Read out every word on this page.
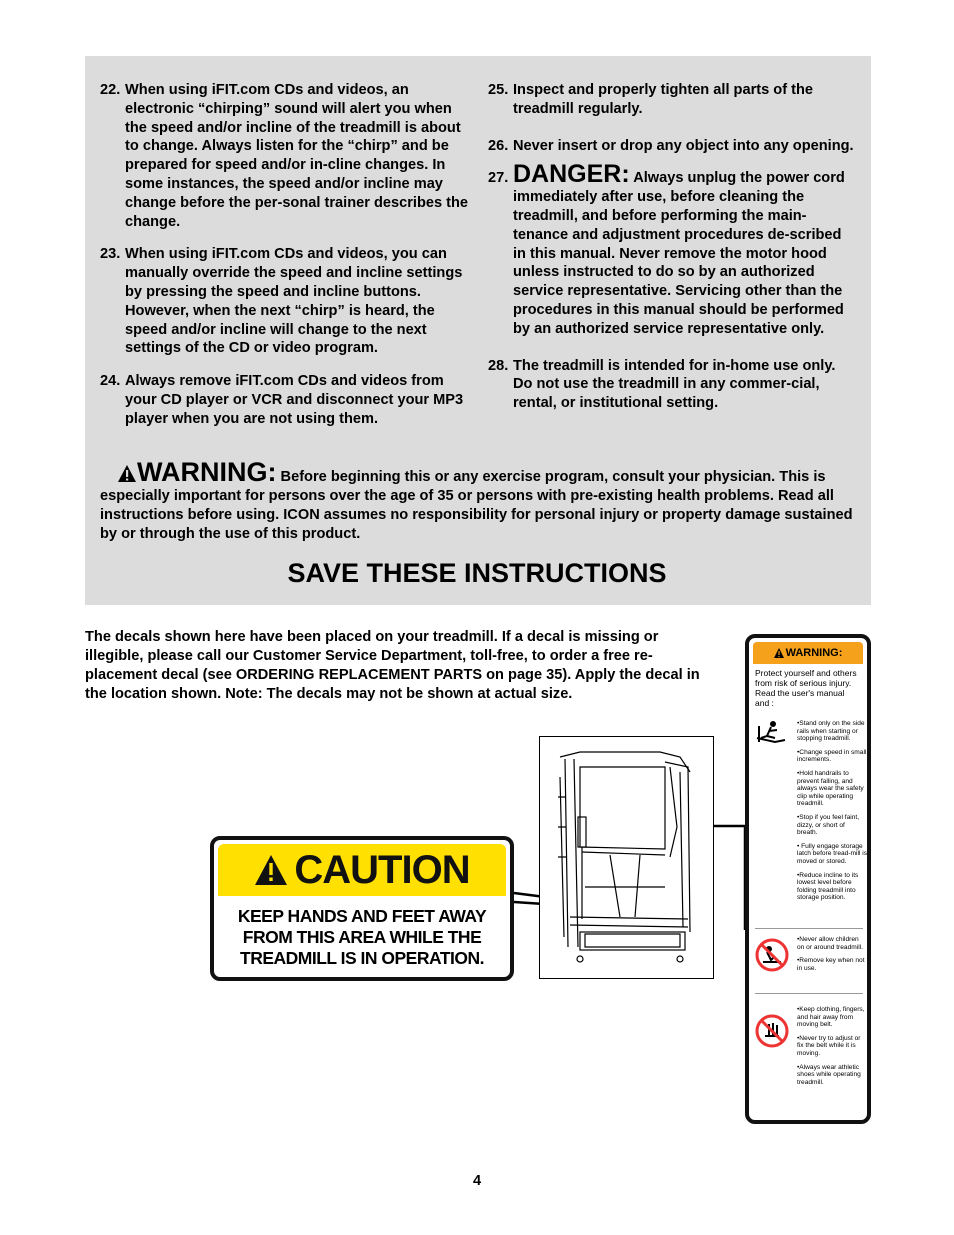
22. When using iFIT.com CDs and videos, an electronic “chirping” sound will alert you when the speed and/or incline of the treadmill is about to change. Always listen for the “chirp” and be prepared for speed and/or in-cline changes. In some instances, the speed and/or incline may change before the per-sonal trainer describes the change.
23. When using iFIT.com CDs and videos, you can manually override the speed and incline settings by pressing the speed and incline buttons. However, when the next “chirp” is heard, the speed and/or incline will change to the next settings of the CD or video program.
24. Always remove iFIT.com CDs and videos from your CD player or VCR and disconnect your MP3 player when you are not using them.
25. Inspect and properly tighten all parts of the treadmill regularly.
26. Never insert or drop any object into any opening.
27. DANGER: Always unplug the power cord immediately after use, before cleaning the treadmill, and before performing the main-tenance and adjustment procedures de-scribed in this manual. Never remove the motor hood unless instructed to do so by an authorized service representative. Servicing other than the procedures in this manual should be performed by an authorized service representative only.
28. The treadmill is intended for in-home use only. Do not use the treadmill in any commer-cial, rental, or institutional setting.
WARNING: Before beginning this or any exercise program, consult your physician. This is especially important for persons over the age of 35 or persons with pre-existing health problems. Read all instructions before using. ICON assumes no responsibility for personal injury or property damage sustained by or through the use of this product.
SAVE THESE INSTRUCTIONS
The decals shown here have been placed on your treadmill. If a decal is missing or illegible, please call our Customer Service Department, toll-free, to order a free re-placement decal (see ORDERING REPLACEMENT PARTS on page 35). Apply the decal in the location shown. Note: The decals may not be shown at actual size.
CAUTION
KEEP HANDS AND FEET AWAY FROM THIS AREA WHILE THE TREADMILL IS IN OPERATION.
WARNING:
Protect yourself and others from risk of serious injury. Read the user's manual and :
•Stand only on the side rails when starting or stopping treadmill.
•Change speed in small increments.
•Hold handrails to prevent falling, and always wear the safety clip while operating treadmill.
•Stop if you feel faint, dizzy, or short of breath.
• Fully engage storage latch before tread-mill is moved or stored.
•Reduce incline to its lowest level before folding treadmill into storage position.
•Never allow children on or around treadmill.
•Remove key when not in use.
•Keep clothing, fingers, and hair away from moving belt.
•Never try to adjust or fix the belt while it is moving.
•Always wear athletic shoes while operating treadmill.
4
